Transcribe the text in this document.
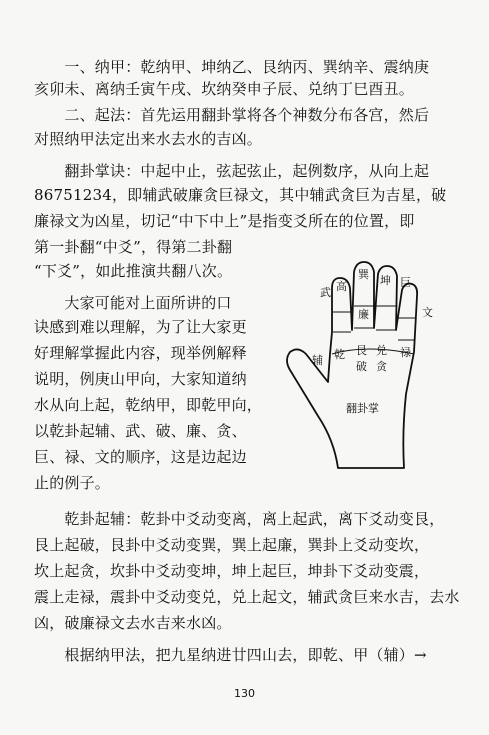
　　一、纳甲：乾纳甲、坤纳乙、艮纳丙、巽纳辛、震纳庚
亥卯未、离纳壬寅午戌、坎纳癸申子辰、兑纳丁巳酉丑。
　　二、起法：首先运用翻卦掌将各个神数分布各宫，然后
对照纳甲法定出来水去水的吉凶。
　　翻卦掌诀：中起中止，弦起弦止，起例数序，从向上起
86751234，即辅武破廉贪巨禄文，其中辅武贪巨为吉星，破
廉禄文为凶星，切记“中下中上”是指变爻所在的位置，即
第一卦翻“中爻”，得第二卦翻
“下爻”，如此推演共翻八次。
　　大家可能对上面所讲的口
诀感到难以理解，为了让大家更
好理解掌握此内容，现举例解释
说明，例庚山甲向，大家知道纳
水从向上起，乾纳甲，即乾甲向，
以乾卦起辅、武、破、廉、贪、
巨、禄、文的顺序，这是边起边
止的例子。
　　乾卦起辅：乾卦中爻动变离，离上起武，离下爻动变艮，
艮上起破，艮卦中爻动变巽，巽上起廉，巽卦上爻动变坎，
坎上起贪，坎卦中爻动变坤，坤上起巨，坤卦下爻动变震，
震上走禄，震卦中爻动变兑，兑上起文，辅武贪巨来水吉，去水
凶，破廉禄文去水吉来水凶。
　　根据纳甲法，把九星纳进廿四山去，即乾、甲（辅）→
武 高
巽 坤 巨
文
廉
辅 乾 艮 兑 禄
破 贪
翻卦掌
130
